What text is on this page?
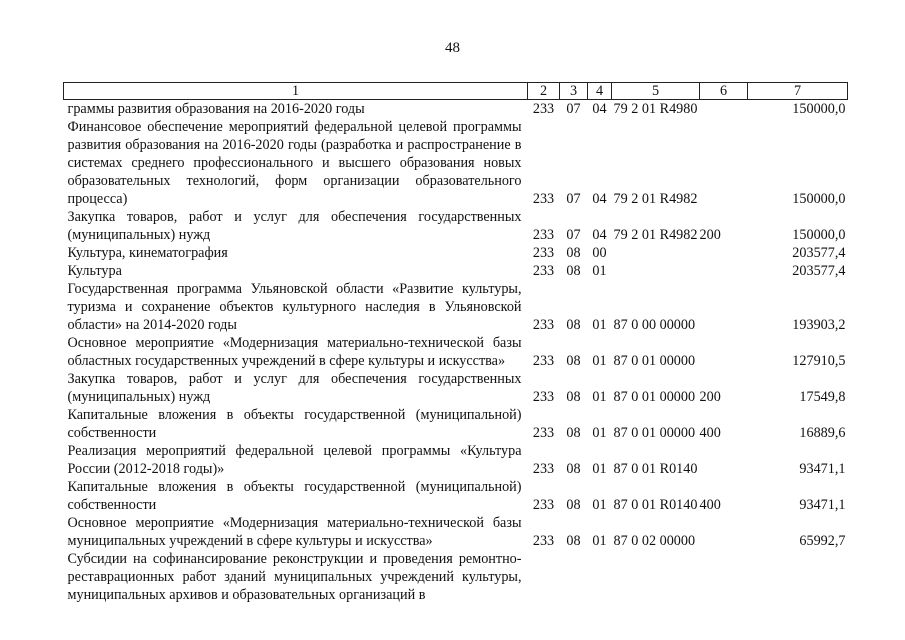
48
1	2	3	4	5	6	7
граммы развития образования на 2016-2020 годы	233	07	04	79 2 01 R4980		150000,0
Финансовое обеспечение мероприятий федеральной целевой программы развития образования на 2016-2020 годы (разработка и распространение в системах среднего профессионального и высшего образования новых образовательных технологий, форм организации образовательного процесса)	233	07	04	79 2 01 R4982		150000,0
Закупка товаров, работ и услуг для обеспечения государственных (муниципальных) нужд	233	07	04	79 2 01 R4982	200	150000,0
Культура, кинематография	233	08	00			203577,4
Культура	233	08	01			203577,4
Государственная программа Ульяновской области «Развитие культуры, туризма и сохранение объектов культурного наследия в Ульяновской области» на 2014-2020 годы	233	08	01	87 0 00 00000		193903,2
Основное мероприятие «Модернизация материально-технической базы областных государственных учреждений в сфере культуры и искусства»	233	08	01	87 0 01 00000		127910,5
Закупка товаров, работ и услуг для обеспечения государственных (муниципальных) нужд	233	08	01	87 0 01 00000	200	17549,8
Капитальные вложения в объекты государственной (муниципальной) собственности	233	08	01	87 0 01 00000	400	16889,6
Реализация мероприятий федеральной целевой программы «Культура России (2012-2018 годы)»	233	08	01	87 0 01 R0140		93471,1
Капитальные вложения в объекты государственной (муниципальной) собственности	233	08	01	87 0 01 R0140	400	93471,1
Основное мероприятие «Модернизация материально-технической базы муниципальных учреждений в сфере культуры и искусства»	233	08	01	87 0 02 00000		65992,7
Субсидии на софинансирование реконструкции и проведения ремонтно-реставрационных работ зданий муниципальных учреждений культуры, муниципальных архивов и образовательных организаций в						
